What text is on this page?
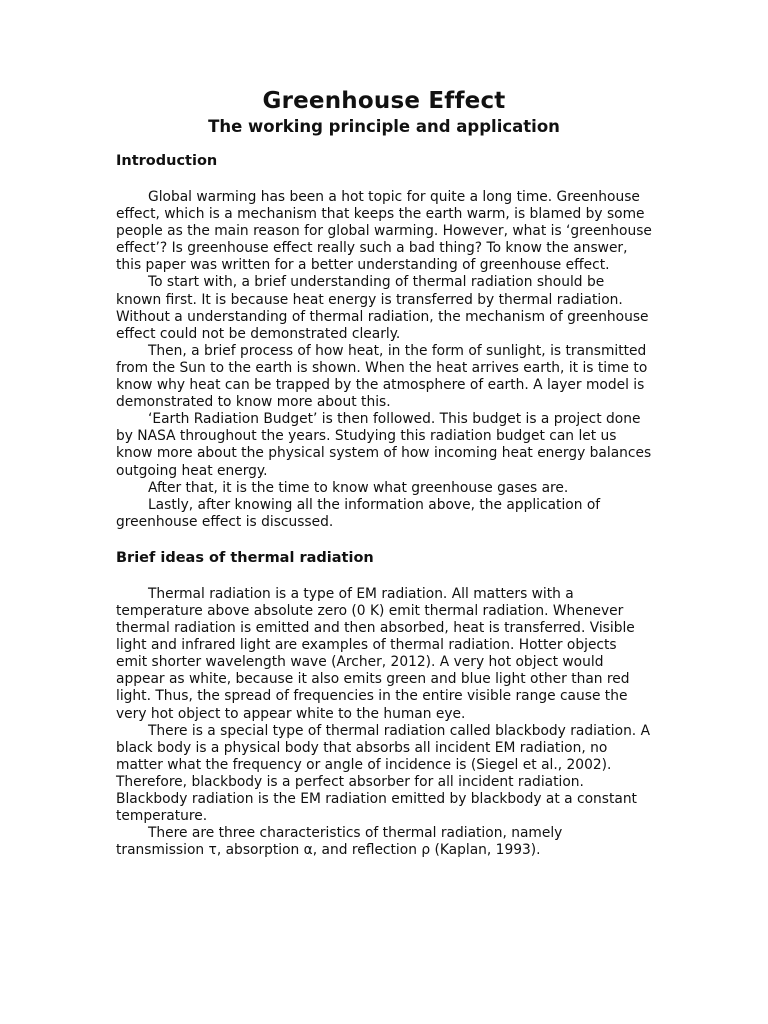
Greenhouse Effect
The working principle and application
Introduction

Global warming has been a hot topic for quite a long time. Greenhouse effect, which is a mechanism that keeps the earth warm, is blamed by some people as the main reason for global warming. However, what is ‘greenhouse effect’? Is greenhouse effect really such a bad thing? To know the answer, this paper was written for a better understanding of greenhouse effect.

To start with, a brief understanding of thermal radiation should be known first. It is because heat energy is transferred by thermal radiation. Without a understanding of thermal radiation, the mechanism of greenhouse effect could not be demonstrated clearly.

Then, a brief process of how heat, in the form of sunlight, is transmitted from the Sun to the earth is shown. When the heat arrives earth, it is time to know why heat can be trapped by the atmosphere of earth. A layer model is demonstrated to know more about this.

‘Earth Radiation Budget’ is then followed. This budget is a project done by NASA throughout the years. Studying this radiation budget can let us know more about the physical system of how incoming heat energy balances outgoing heat energy.

After that, it is the time to know what greenhouse gases are.

Lastly, after knowing all the information above, the application of greenhouse effect is discussed.

Brief ideas of thermal radiation

Thermal radiation is a type of EM radiation. All matters with a temperature above absolute zero (0 K) emit thermal radiation. Whenever thermal radiation is emitted and then absorbed, heat is transferred. Visible light and infrared light are examples of thermal radiation. Hotter objects emit shorter wavelength wave (Archer, 2012). A very hot object would appear as white, because it also emits green and blue light other than red light. Thus, the spread of frequencies in the entire visible range cause the very hot object to appear white to the human eye.

There is a special type of thermal radiation called blackbody radiation. A black body is a physical body that absorbs all incident EM radiation, no matter what the frequency or angle of incidence is (Siegel et al., 2002). Therefore, blackbody is a perfect absorber for all incident radiation. Blackbody radiation is the EM radiation emitted by blackbody at a constant temperature.

There are three characteristics of thermal radiation, namely transmission τ, absorption α, and reflection ρ (Kaplan, 1993).
